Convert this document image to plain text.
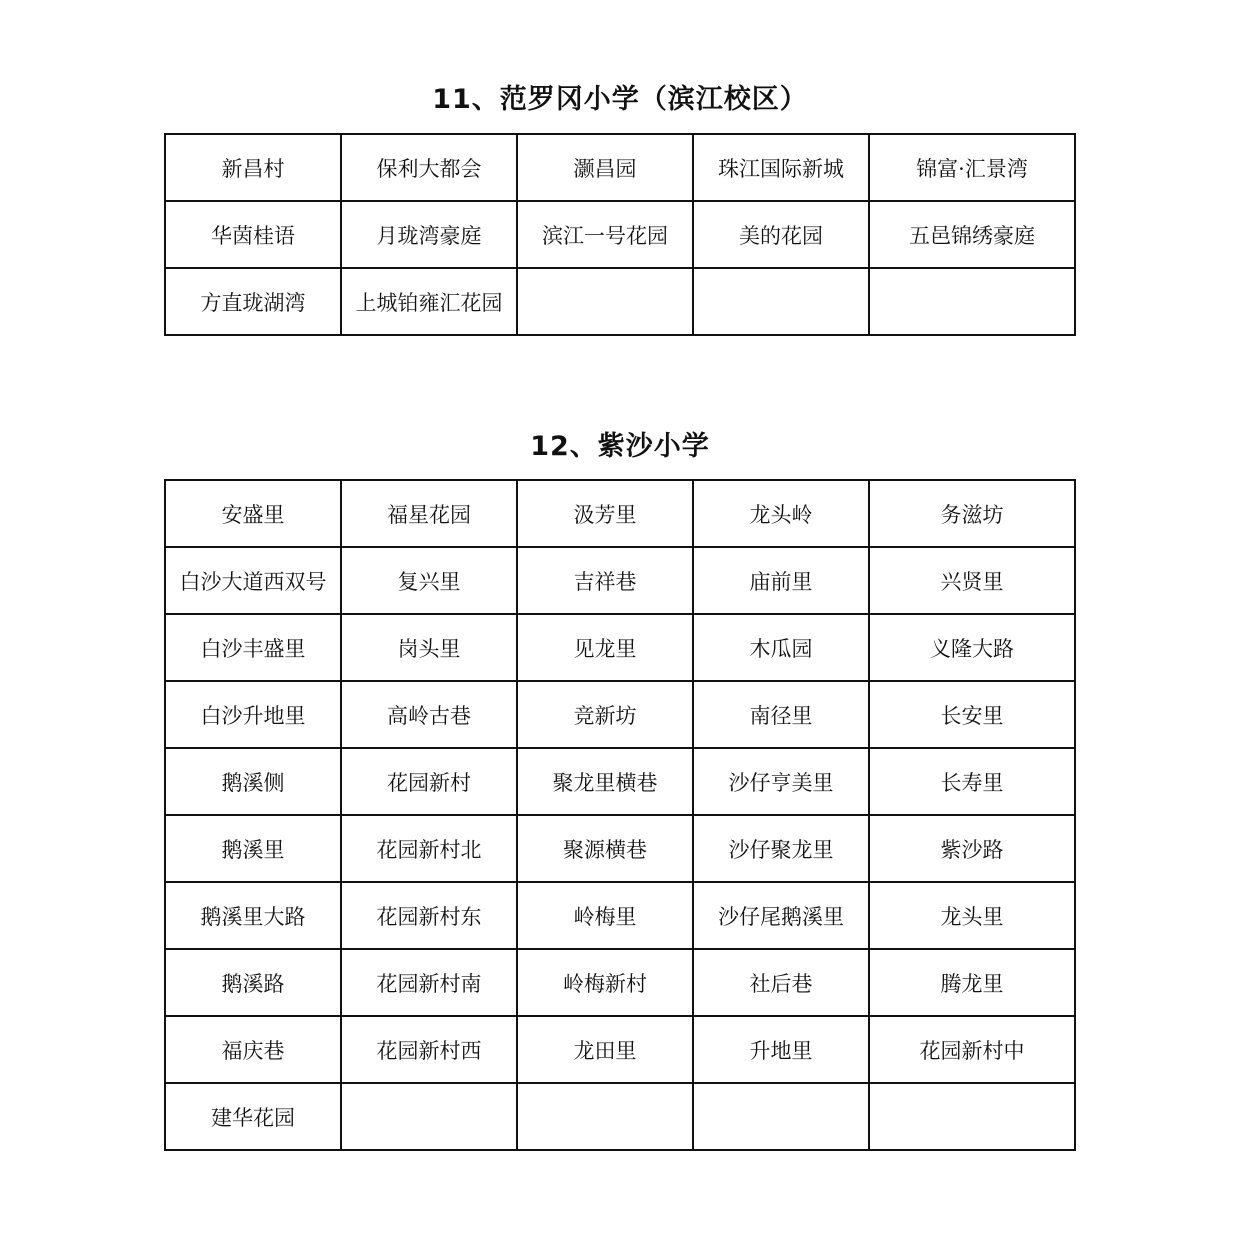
11、范罗冈小学（滨江校区）
新昌村	保利大都会	灏昌园	珠江国际新城	锦富·汇景湾
华茵桂语	月珑湾豪庭	滨江一号花园	美的花园	五邑锦绣豪庭
方直珑湖湾	上城铂雍汇花园			
12、紫沙小学
安盛里	福星花园	汲芳里	龙头岭	务滋坊
白沙大道西双号	复兴里	吉祥巷	庙前里	兴贤里
白沙丰盛里	岗头里	见龙里	木瓜园	义隆大路
白沙升地里	高岭古巷	竞新坊	南径里	长安里
鹅溪侧	花园新村	聚龙里横巷	沙仔亨美里	长寿里
鹅溪里	花园新村北	聚源横巷	沙仔聚龙里	紫沙路
鹅溪里大路	花园新村东	岭梅里	沙仔尾鹅溪里	龙头里
鹅溪路	花园新村南	岭梅新村	社后巷	腾龙里
福庆巷	花园新村西	龙田里	升地里	花园新村中
建华花园				
